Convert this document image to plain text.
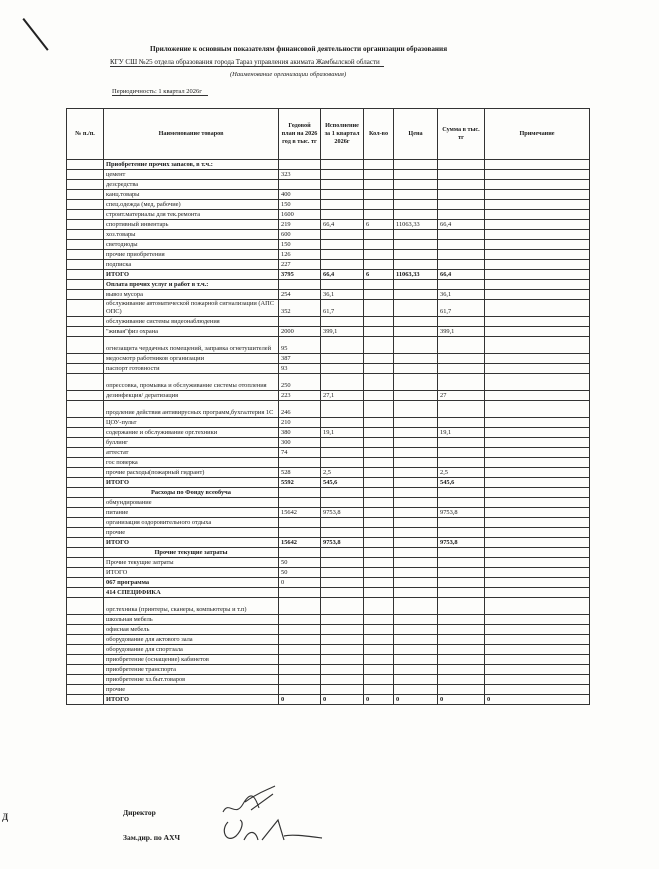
Приложение к основным показателям финансовой деятельности организации образования
КГУ СШ №25 отдела образования города Тараз управления акимата Жамбылской области
(Наименование организации образования)
Периодичность: 1 квартал 2026г
№ п./п.	Наименование товаров	Годовой план на 2026 год в тыс. тг	Исполнение за 1 квартал 2026г	Кол-во	Цена	Сумма в тыс. тг	Примечание
	Приобретение прочих запасов, в т.ч.:						
	цемент	323					
	дезсредства						
	канц.товары	400					
	спец.одежда (мед, рабочие)	150					
	строит.материалы для тек.ремонта	1600					
	спортивный инвентарь	219	66,4	6	11063,33	66,4	
	хоз.товары	600					
	светодиоды	150					
	прочие приобретения	126					
	подписка	227					
	ИТОГО	3795	66,4	6	11063,33	66,4	
	Оплата прочих услуг и работ в т.ч.:						
	вывоз мусора	254	36,1			36,1	
	обслуживание автоматической пожарной сигнализации (АПС ОПС)	352	61,7			61,7	
	обслуживание системы видеонаблюдения						
	"живая"физ охрана	2000	399,1			399,1	
	огнезащита чердачных помещений, заправка огнетушителей	95					
	медосмотр работников организации	387					
	паспорт готовности	93					
	опрессовка, промывка и обслуживание системы отопления	250					
	дезинфекция/ дератизация	223	27,1			27	
	продление действия антивирусных программ,бухгалтерия 1С	246					
	ЦОУ-пульт	210					
	содержание и обслуживание орг.техники	380	19,1			19,1	
	буллинг	300					
	аттестат	74					
	гос поверка						
	прочие расходы(пожарный гидрант)	528	2,5			2,5	
	ИТОГО	5592	545,6			545,6	
	Расходы по Фонду всеобуча						
	обмундирование						
	питание	15642	9753,8			9753,8	
	организация оздоровительного отдыха						
	прочие						
	ИТОГО	15642	9753,8			9753,8	
	Прочие текущие затраты						
	Прочие текущие затраты	50					
	ИТОГО	50					
	067 программа	0					
	414 СПЕЦИФИКА						
	орг.техника (принтеры, сканеры, компьютеры и т.п)						
	школьная мебель						
	офисная мебель						
	оборудование для актового зала						
	оборудование для спортзала						
	приобретение (оснащение) кабинетов						
	приобретение транспорта						
	приобретение хз.быт.товаров						
	прочие						
	ИТОГО	0	0	0	0	0	0
Директор
Зам.дир. по АХЧ
Д
